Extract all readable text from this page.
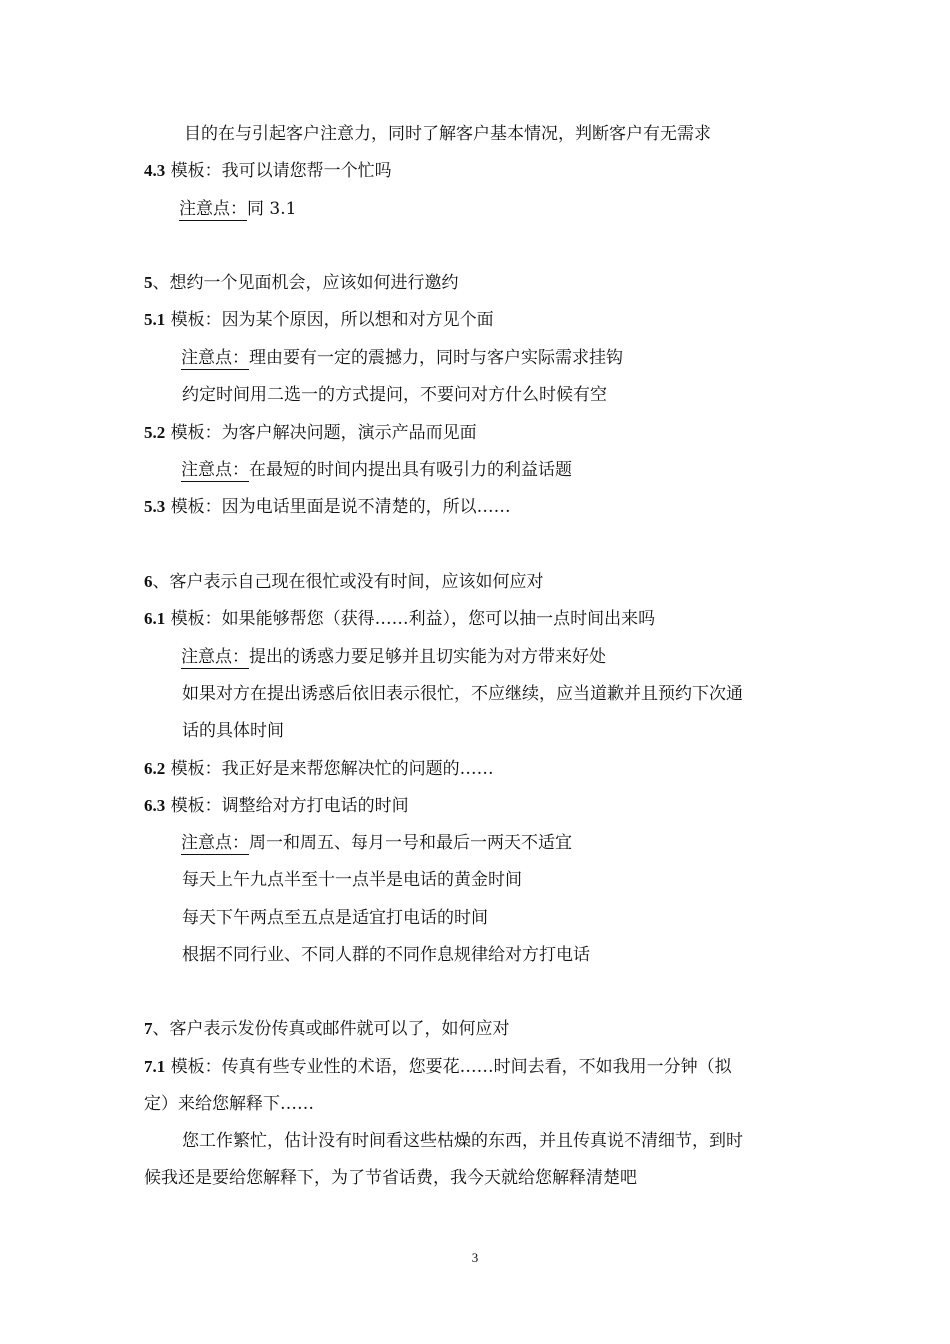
目的在与引起客户注意力，同时了解客户基本情况，判断客户有无需求
4.3 模板：我可以请您帮一个忙吗
注意点：同 3.1
5、想约一个见面机会，应该如何进行邀约
5.1 模板：因为某个原因，所以想和对方见个面
注意点：理由要有一定的震撼力，同时与客户实际需求挂钩
约定时间用二选一的方式提问，不要问对方什么时候有空
5.2 模板：为客户解决问题，演示产品而见面
注意点：在最短的时间内提出具有吸引力的利益话题
5.3 模板：因为电话里面是说不清楚的，所以……
6、客户表示自己现在很忙或没有时间，应该如何应对
6.1 模板：如果能够帮您（获得……利益），您可以抽一点时间出来吗
注意点：提出的诱惑力要足够并且切实能为对方带来好处
如果对方在提出诱惑后依旧表示很忙，不应继续，应当道歉并且预约下次通
话的具体时间
6.2 模板：我正好是来帮您解决忙的问题的……
6.3 模板：调整给对方打电话的时间
注意点：周一和周五、每月一号和最后一两天不适宜
每天上午九点半至十一点半是电话的黄金时间
每天下午两点至五点是适宜打电话的时间
根据不同行业、不同人群的不同作息规律给对方打电话
7、客户表示发份传真或邮件就可以了，如何应对
7.1 模板：传真有些专业性的术语，您要花……时间去看，不如我用一分钟（拟
定）来给您解释下……
您工作繁忙，估计没有时间看这些枯燥的东西，并且传真说不清细节，到时
候我还是要给您解释下，为了节省话费，我今天就给您解释清楚吧
3
